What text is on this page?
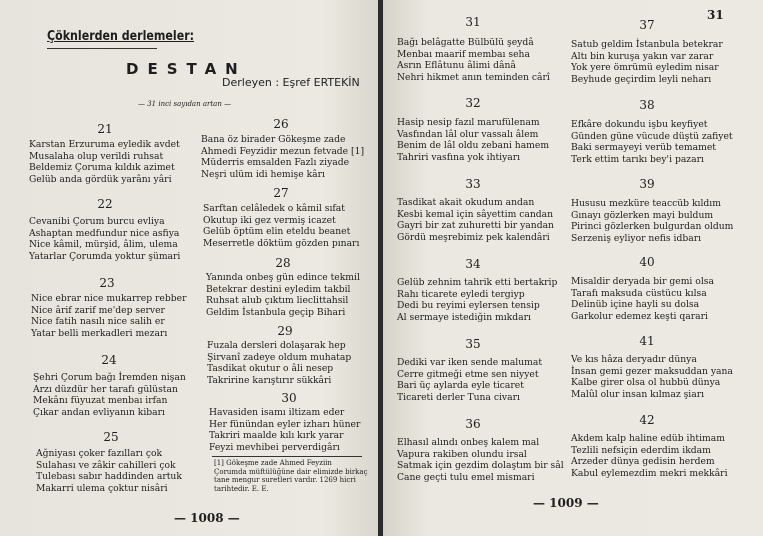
Çöknlerden derlemeler:
DESTAN
Derleyen : Eşref ERTEKİN
— 31 inci sayıdan artan —
21
Karstan Erzuruma eyledik avdet
Musalaha olup verildi ruhsat
Beldemiz Çoruma kıldık azimet
Gelüb anda gördük yarânı yâri
22
Cevanibi Çorum burcu evliya
Ashaptan medfundur nice asfiya
Nice kâmil, mürşid, âlim, ulema
Yatarlar Çorumda yoktur şümari
23
Nice ebrar nice mukarrep rebber
Nice ârif zarif me'dep server
Nice fatih nasılı nice salih er
Yatar belli merkadleri mezarı
24
Şehri Çorum bağı İremden nişan
Arzı düzdür her tarafı gülüstan
Mekânı füyuzat menbaı irfan
Çıkar andan evliyanın kibarı
25
Ağniyası çoker fazılları çok
Sulahası ve zâkir cahilleri çok
Tulebası sabır haddinden artuk
Makarri ulema çoktur nisâri
26
Bana öz birader Gökeşme zade
Ahmedi Feyzidir mezun fetvade [1]
Müderris emsalden Fazlı ziyade
Neşri ulüm idi hemişe kârı
27
Sarftan celâledek o kâmil sıfat
Okutup iki gez vermiş icazet
Gelüb öptüm elin eteldu beanet
Meserretle döktüm gözden pınarı
28
Yanında onbeş gün edince tekmil
Betekrar destini eyledim takbil
Ruhsat alub çıktım lieclittahsil
Geldim İstanbula geçip Bihari
29
Fuzala dersleri dolaşarak hep
Şirvanî zadeye oldum muhatap
Tasdikat okutur o âli nesep
Takririne karıştırır sükkâri
30
Havasiden isamı iltizam eder
Her fünündan eyler izharı hüner
Takriri maalde kılı kırk yarar
Feyzi mevhibei perverdigârı
[1] Gökeşme zade Ahmed Feyziin
Çorumda müftülüğüne dair elimizde birkaç
tane mengur suretleri vardır. 1269 hicri
tarihtedir. E. E.
— 1008 —
31
31
Bağı belâgatte Bülbülü şeydâ
Menbaı maarif membaı seha
Asrın Eflâtunu âlimi dânâ
Nehri hikmet anın teminden cârî
32
Hasip nesip fazıl marufülenam
Vasfından lâl olur vassalı âlem
Benim de lâl oldu zebani hamem
Tahriri vasfına yok ihtiyarı
33
Tasdikat akait okudum andan
Kesbi kemal için sâyettim candan
Gayri bir zat zuhuretti bir yandan
Gördü meşrebimiz pek kalendâri
34
Gelüb zehnim tahrik etti bertakrip
Rahı ticarete eyledi tergiyp
Dedi bu reyimi eylersen tensip
Al sermaye istediğin mıkdarı
35
Dediki var iken sende malumat
Cerre gitmeği etme sen niyyet
Bari üç aylarda eyle ticaret
Ticareti derler Tuna civarı
36
Elhasıl alındı onbeş kalem mal
Vapura rakiben olundu irsal
Satmak için gezdim dolaştım bir sâl
Cane geçti tulu emel mismari
37
Satub geldim İstanbula betekrar
Altı bin kuruşa yakın var zarar
Yok yere ömrümü eyledim nisar
Beyhude geçirdim leyli neharı
38
Efkâre dokundu işbu keyfiyet
Günden güne vücude düştü zafiyet
Baki sermayeyi verüb temamet
Terk ettim tarıkı bey'i pazarı
39
Hususu mezküre teaccüb kıldım
Gınayı gözlerken mayi buldum
Pirinci gözlerken bulgurdan oldum
Serzeniş eyliyor nefis idbarı
40
Misaldir deryada bir gemi olsa
Tarafı maksuda cüstücu kılsa
Delinüb içine hayli su dolsa
Garkolur edemez keşti qarari
41
Ve kıs hâza deryadır dünya
İnsan gemi gezer maksuddan yana
Kalbe girer olsa ol hubbü dünya
Malûl olur insan kılmaz şiarı
42
Akdem kalp haline edüb ihtimam
Tezlili nefsiçin ederdim ikdam
Arzeder dünya gedisin herdem
Kabul eylemezdim mekri mekkâri
— 1009 —
